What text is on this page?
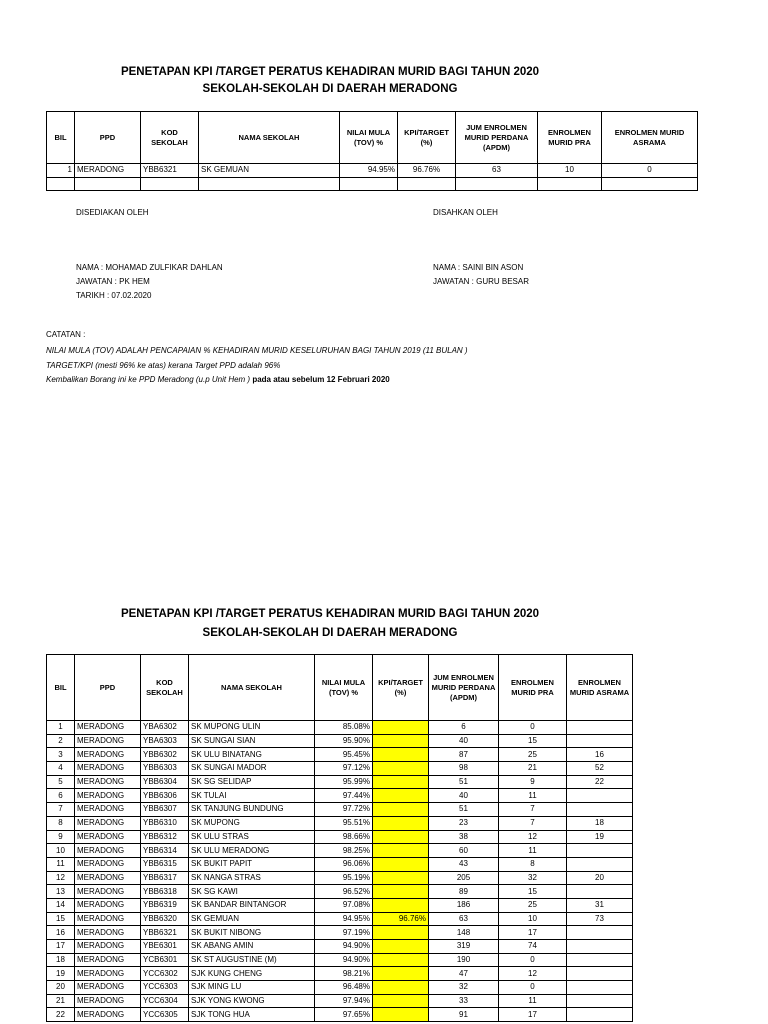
PENETAPAN KPI /TARGET PERATUS KEHADIRAN MURID BAGI TAHUN 2020
SEKOLAH-SEKOLAH DI DAERAH MERADONG
BIL	PPD	KOD SEKOLAH	NAMA SEKOLAH	NILAI MULA (TOV) %	KPI/TARGET (%)	JUM ENROLMEN MURID PERDANA (APDM)	ENROLMEN MURID PRA	ENROLMEN MURID ASRAMA
1	MERADONG	YBB6321	SK GEMUAN	94.95%	96.76%	63	10	0

DISEDIAKAN OLEH	DISAHKAN OLEH
NAMA : MOHAMAD ZULFIKAR DAHLAN	NAMA : SAINI BIN ASON
JAWATAN : PK HEM	JAWATAN : GURU BESAR
TARIKH : 07.02.2020
CATATAN :
NILAI MULA (TOV) ADALAH PENCAPAIAN % KEHADIRAN MURID KESELURUHAN BAGI TAHUN 2019 (11 BULAN )
TARGET/KPI (mesti 96% ke atas) kerana Target PPD adalah 96%
Kembalikan Borang ini ke PPD Meradong (u.p Unit Hem ) pada atau sebelum 12 Februari 2020
PENETAPAN KPI /TARGET PERATUS KEHADIRAN MURID BAGI TAHUN 2020
SEKOLAH-SEKOLAH DI DAERAH MERADONG
BIL	PPD	KOD SEKOLAH	NAMA SEKOLAH	NILAI MULA (TOV) %	KPI/TARGET (%)	JUM ENROLMEN MURID PERDANA (APDM)	ENROLMEN MURID PRA	ENROLMEN MURID ASRAMA
1	MERADONG	YBA6302	SK MUPONG ULIN	85.08%		6	0	
2	MERADONG	YBA6303	SK SUNGAI SIAN	95.90%		40	15	
3	MERADONG	YBB6302	SK ULU BINATANG	95.45%		87	25	16
4	MERADONG	YBB6303	SK SUNGAI MADOR	97.12%		98	21	52
5	MERADONG	YBB6304	SK SG SELIDAP	95.99%		51	9	22
6	MERADONG	YBB6306	SK TULAI	97.44%		40	11	
7	MERADONG	YBB6307	SK TANJUNG BUNDUNG	97.72%		51	7	
8	MERADONG	YBB6310	SK MUPONG	95.51%		23	7	18
9	MERADONG	YBB6312	SK ULU STRAS	98.66%		38	12	19
10	MERADONG	YBB6314	SK ULU MERADONG	98.25%		60	11	
11	MERADONG	YBB6315	SK BUKIT PAPIT	96.06%		43	8	
12	MERADONG	YBB6317	SK NANGA STRAS	95.19%		205	32	20
13	MERADONG	YBB6318	SK SG KAWI	96.52%		89	15	
14	MERADONG	YBB6319	SK BANDAR BINTANGOR	97.08%		186	25	31
15	MERADONG	YBB6320	SK GEMUAN	94.95%	96.76%	63	10	73
16	MERADONG	YBB6321	SK BUKIT NIBONG	97.19%		148	17	
17	MERADONG	YBE6301	SK ABANG AMIN	94.90%		319	74	
18	MERADONG	YCB6301	SK ST AUGUSTINE (M)	94.90%		190	0	
19	MERADONG	YCC6302	SJK KUNG CHENG	98.21%		47	12	
20	MERADONG	YCC6303	SJK MING LU	96.48%		32	0	
21	MERADONG	YCC6304	SJK YONG KWONG	97.94%		33	11	
22	MERADONG	YCC6305	SJK TONG HUA	97.65%		91	17	
